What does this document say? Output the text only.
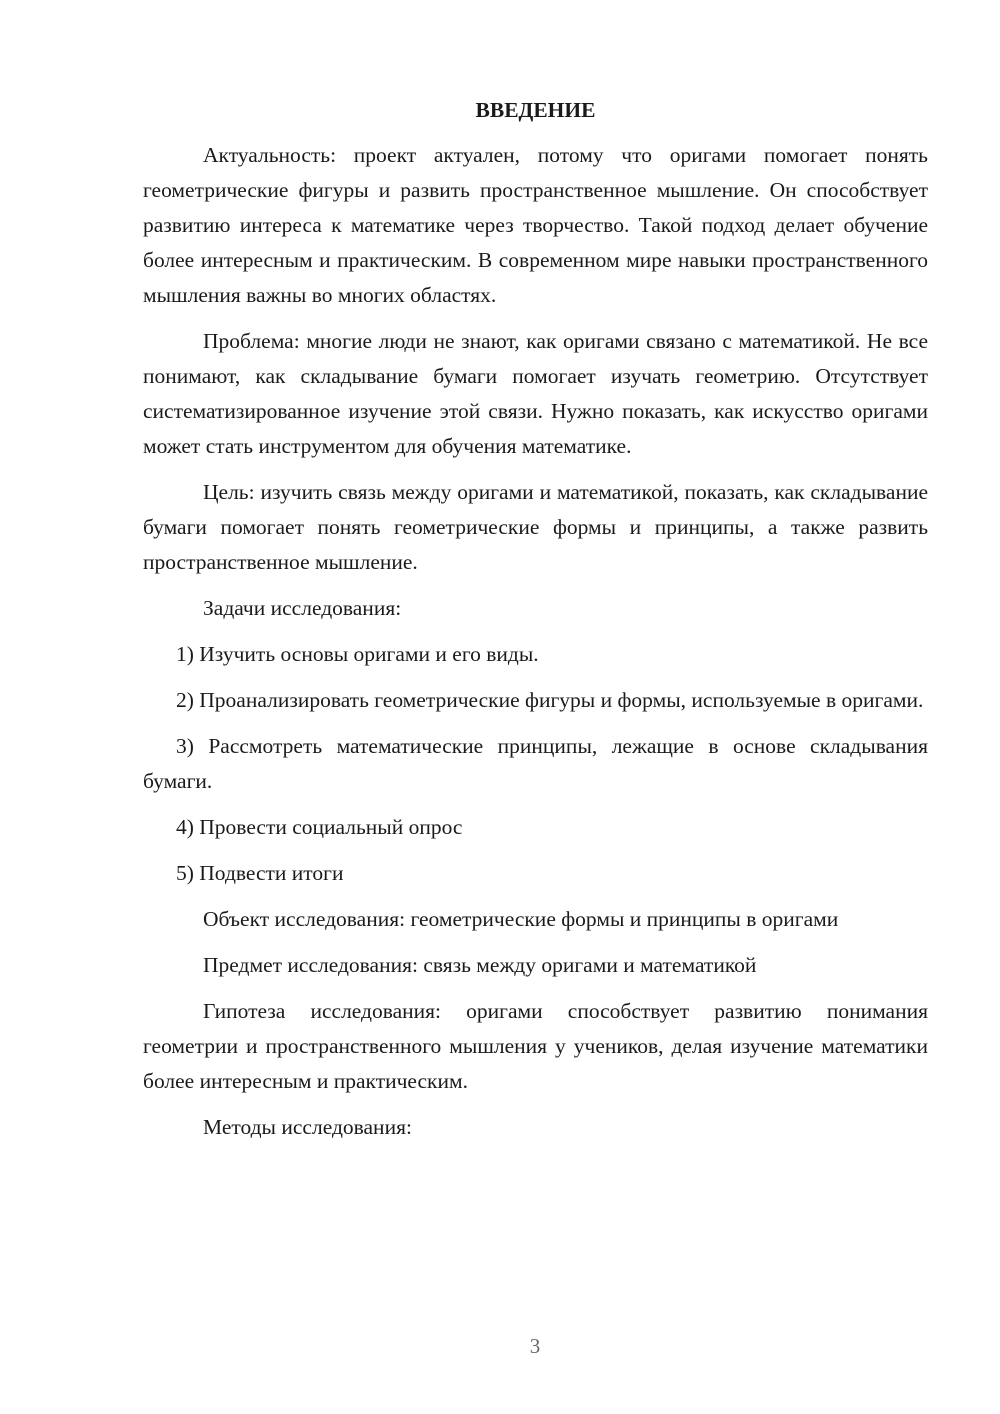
ВВЕДЕНИЕ

Актуальность: проект актуален, потому что оригами помогает понять геометрические фигуры и развить пространственное мышление. Он способствует развитию интереса к математике через творчество. Такой подход делает обучение более интересным и практическим. В современном мире навыки пространственного мышления важны во многих областях.

Проблема: многие люди не знают, как оригами связано с математикой. Не все понимают, как складывание бумаги помогает изучать геометрию. Отсутствует систематизированное изучение этой связи. Нужно показать, как искусство оригами может стать инструментом для обучения математике.

Цель: изучить связь между оригами и математикой, показать, как складывание бумаги помогает понять геометрические формы и принципы, а также развить пространственное мышление.

Задачи исследования:

1) Изучить основы оригами и его виды.

2) Проанализировать геометрические фигуры и формы, используемые в оригами.

3) Рассмотреть математические принципы, лежащие в основе складывания бумаги.

4) Провести социальный опрос

5) Подвести итоги

Объект исследования: геометрические формы и принципы в оригами

Предмет исследования: связь между оригами и математикой

Гипотеза исследования: оригами способствует развитию понимания геометрии и пространственного мышления у учеников, делая изучение математики более интересным и практическим.

Методы исследования:

3
